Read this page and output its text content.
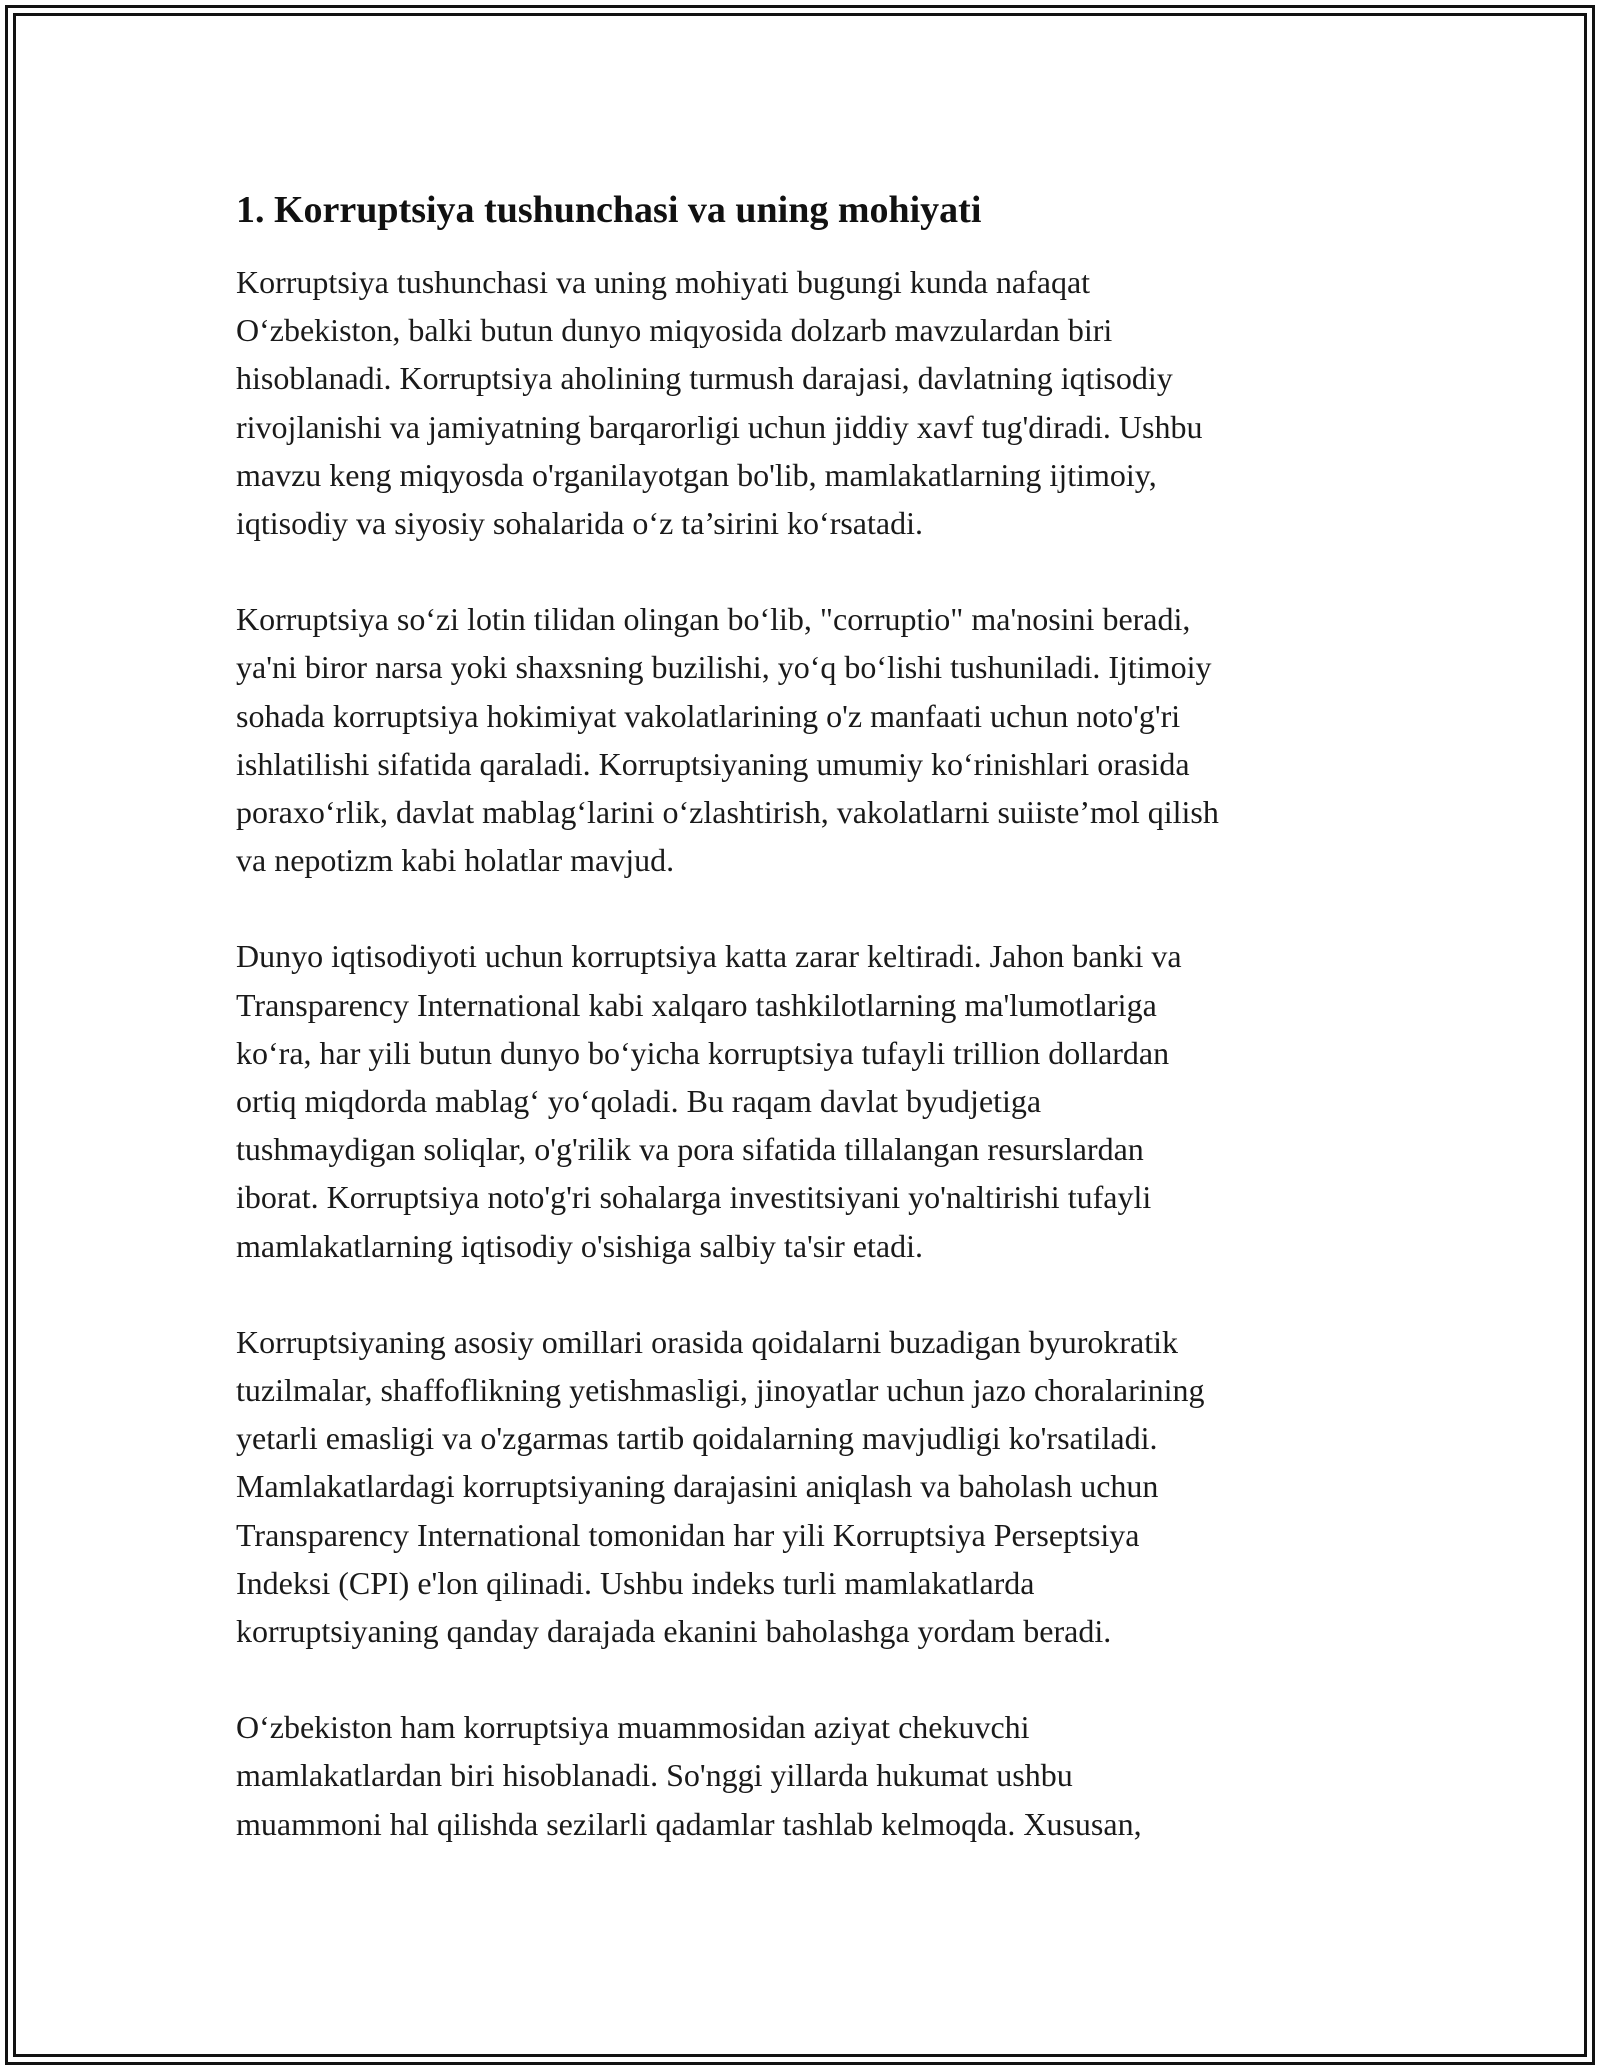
1. Korruptsiya tushunchasi va uning mohiyati

Korruptsiya tushunchasi va uning mohiyati bugungi kunda nafaqat
O‘zbekiston, balki butun dunyo miqyosida dolzarb mavzulardan biri
hisoblanadi. Korruptsiya aholining turmush darajasi, davlatning iqtisodiy
rivojlanishi va jamiyatning barqarorligi uchun jiddiy xavf tug'diradi. Ushbu
mavzu keng miqyosda o'rganilayotgan bo'lib, mamlakatlarning ijtimoiy,
iqtisodiy va siyosiy sohalarida o‘z ta’sirini ko‘rsatadi.

Korruptsiya so‘zi lotin tilidan olingan bo‘lib, "corruptio" ma'nosini beradi,
ya'ni biror narsa yoki shaxsning buzilishi, yo‘q bo‘lishi tushuniladi. Ijtimoiy
sohada korruptsiya hokimiyat vakolatlarining o'z manfaati uchun noto'g'ri
ishlatilishi sifatida qaraladi. Korruptsiyaning umumiy ko‘rinishlari orasida
poraxo‘rlik, davlat mablag‘larini o‘zlashtirish, vakolatlarni suiiste’mol qilish
va nepotizm kabi holatlar mavjud.

Dunyo iqtisodiyoti uchun korruptsiya katta zarar keltiradi. Jahon banki va
Transparency International kabi xalqaro tashkilotlarning ma'lumotlariga
ko‘ra, har yili butun dunyo bo‘yicha korruptsiya tufayli trillion dollardan
ortiq miqdorda mablag‘ yo‘qoladi. Bu raqam davlat byudjetiga
tushmaydigan soliqlar, o'g'rilik va pora sifatida tillalangan resurslardan
iborat. Korruptsiya noto'g'ri sohalarga investitsiyani yo'naltirishi tufayli
mamlakatlarning iqtisodiy o'sishiga salbiy ta'sir etadi.

Korruptsiyaning asosiy omillari orasida qoidalarni buzadigan byurokratik
tuzilmalar, shaffoflikning yetishmasligi, jinoyatlar uchun jazo choralarining
yetarli emasligi va o'zgarmas tartib qoidalarning mavjudligi ko'rsatiladi.
Mamlakatlardagi korruptsiyaning darajasini aniqlash va baholash uchun
Transparency International tomonidan har yili Korruptsiya Perseptsiya
Indeksi (CPI) e'lon qilinadi. Ushbu indeks turli mamlakatlarda
korruptsiyaning qanday darajada ekanini baholashga yordam beradi.

O‘zbekiston ham korruptsiya muammosidan aziyat chekuvchi
mamlakatlardan biri hisoblanadi. So'nggi yillarda hukumat ushbu
muammoni hal qilishda sezilarli qadamlar tashlab kelmoqda. Xususan,
